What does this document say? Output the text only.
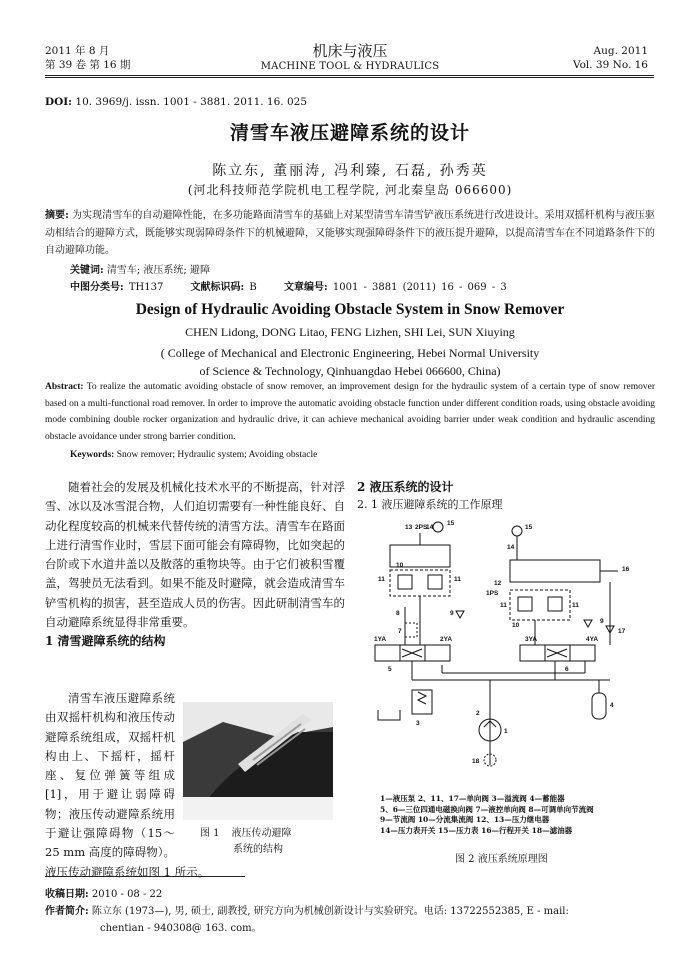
2011 年 8 月
第 39 卷 第 16 期
机床与液压
MACHINE TOOL & HYDRAULICS
Aug. 2011
Vol. 39 No. 16
DOI: 10. 3969/j. issn. 1001 - 3881. 2011. 16. 025
清雪车液压避障系统的设计
陈立东, 董丽涛, 冯利臻, 石磊, 孙秀英
(河北科技师范学院机电工程学院, 河北秦皇岛 066600)
摘要: 为实现清雪车的自动避障性能，在多功能路面清雪车的基础上对某型清雪车清雪铲液压系统进行改进设计。采用双摇杆机构与液压驱动相结合的避障方式，既能够实现弱障碍条件下的机械避障，又能够实现强障碍条件下的液压提升避障，以提高清雪车在不同道路条件下的自动避障功能。
关键词: 清雪车; 液压系统; 避障
中图分类号: TH137	文献标识码: B	文章编号: 1001 - 3881 (2011) 16 - 069 - 3
Design of Hydraulic Avoiding Obstacle System in Snow Remover
CHEN Lidong, DONG Litao, FENG Lizhen, SHI Lei, SUN Xiuying
( College of Mechanical and Electronic Engineering, Hebei Normal University
of Science & Technology, Qinhuangdao Hebei 066600, China)
Abstract: To realize the automatic avoiding obstacle of snow remover, an improvement design for the hydraulic system of a certain type of snow remover based on a multi-functional road remover. In order to improve the automatic avoiding obstacle function under different condition roads, using obstacle avoiding mode combining double rocker organization and hydraulic drive, it can achieve mechanical avoiding barrier under weak condition and hydraulic ascending obstacle avoidance under strong barrier condition.
Keywords: Snow remover; Hydraulic system; Avoiding obstacle

随着社会的发展及机械化技术水平的不断提高，针对浮雪、冰以及冰雪混合物，人们迫切需要有一种性能良好、自动化程度较高的机械来代替传统的清雪方法。清雪车在路面上进行清雪作业时，雪层下面可能会有障碍物，比如突起的台阶或下水道井盖以及散落的重物块等。由于它们被积雪覆盖，驾驶员无法看到。如果不能及时避障，就会造成清雪车铲雪机构的损害，甚至造成人员的伤害。因此研制清雪车的自动避障系统显得非常重要。

1 清雪避障系统的结构
清雪车液压避障系统由双摇杆机构和液压传动避障系统组成，双摇杆机构由上、下摇杆，摇杆座、复位弹簧等组成[1]，用于避让弱障碍物；液压传动避障系统用于避让强障碍物（15～25 mm 高度的障碍物）。液压传动避障系统如图 1 所示。
图 1 液压传动避障
系统的结构
2 液压系统的设计
2. 1 液压避障系统的工作原理
13 2PS
14
15
15
14
16
11	11
10
12
1PS
11	11
10
8	9
9
17
7
1YA	2YA	3YA	4YA
5	6
3
4
2
1
18
1—液压泵 2、11、17—单向阀 3—溢流阀 4—蓄能器
5、6—三位四通电磁换向阀 7—液控单向阀 8—可调单向节流阀
9—节流阀 10—分流集流阀 12、13—压力继电器
14—压力表开关 15—压力表 16—行程开关 18—滤油器
图 2 液压系统原理图
收稿日期: 2010 - 08 - 22
作者简介: 陈立东 (1973—), 男, 硕士, 副教授, 研究方向为机械创新设计与实验研究。电话: 13722552385, E - mail:
chentian - 940308@ 163. com。
